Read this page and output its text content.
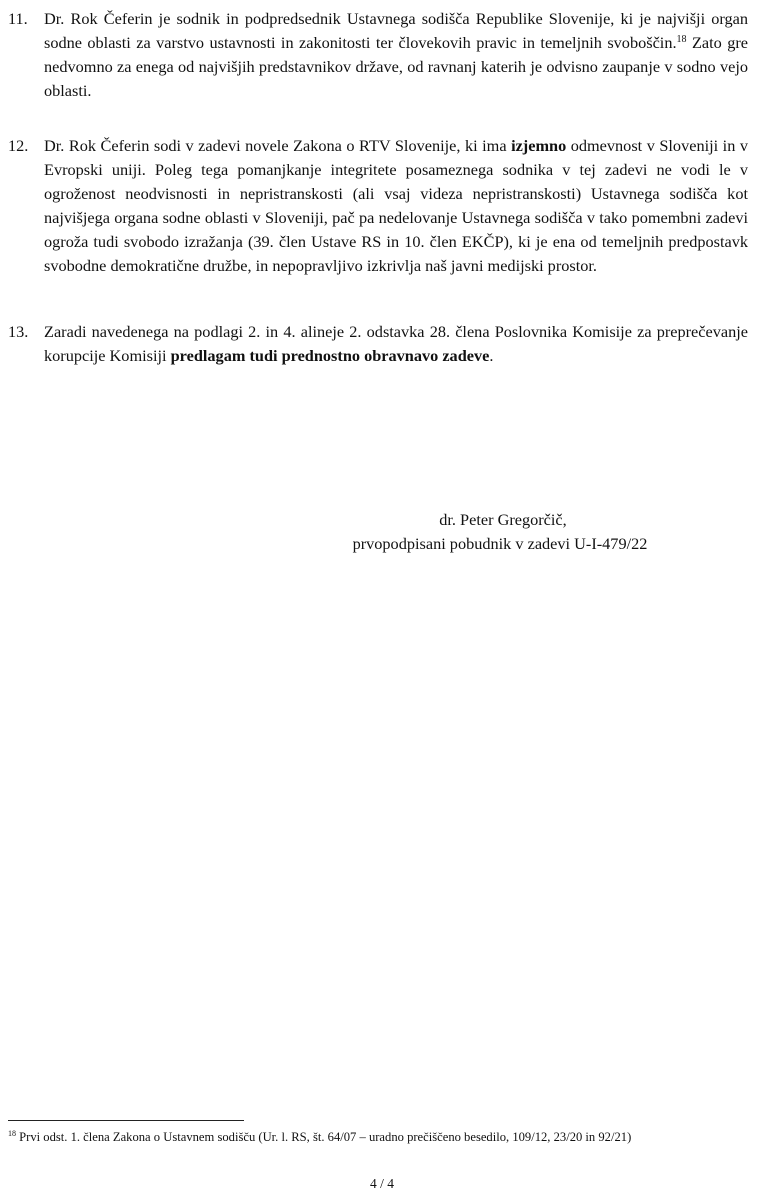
11. Dr. Rok Čeferin je sodnik in podpredsednik Ustavnega sodišča Republike Slovenije, ki je najvišji organ sodne oblasti za varstvo ustavnosti in zakonitosti ter človekovih pravic in temeljnih svoboščin.$^{18}$ Zato gre nedvomno za enega od najvišjih predstavnikov države, od ravnanj katerih je odvisno zaupanje v sodno vejo oblasti.
12. Dr. Rok Čeferin sodi v zadevi novele Zakona o RTV Slovenije, ki ima izjemno odmevnost v Sloveniji in v Evropski uniji. Poleg tega pomanjkanje integritete posameznega sodnika v tej zadevi ne vodi le v ogroženost neodvisnosti in nepristranskosti (ali vsaj videza nepristranskosti) Ustavnega sodišča kot najvišjega organa sodne oblasti v Sloveniji, pač pa nedelovanje Ustavnega sodišča v tako pomembni zadevi ogroža tudi svobodo izražanja (39. člen Ustave RS in 10. člen EKČP), ki je ena od temeljnih predpostavk svobodne demokratične družbe, in nepopravljivo izkrivlja naš javni medijski prostor.
13. Zaradi navedenega na podlagi 2. in 4. alineje 2. odstavka 28. člena Poslovnika Komisije za preprečevanje korupcije Komisiji predlagam tudi prednostno obravnavo zadeve.
dr. Peter Gregorčič,
prvopodpisani pobudnik v zadevi U-I-479/22
$^{18}$ Prvi odst. 1. člena Zakona o Ustavnem sodišču (Ur. l. RS, št. 64/07 – uradno prečiščeno besedilo, 109/12, 23/20 in 92/21)
4 / 4
